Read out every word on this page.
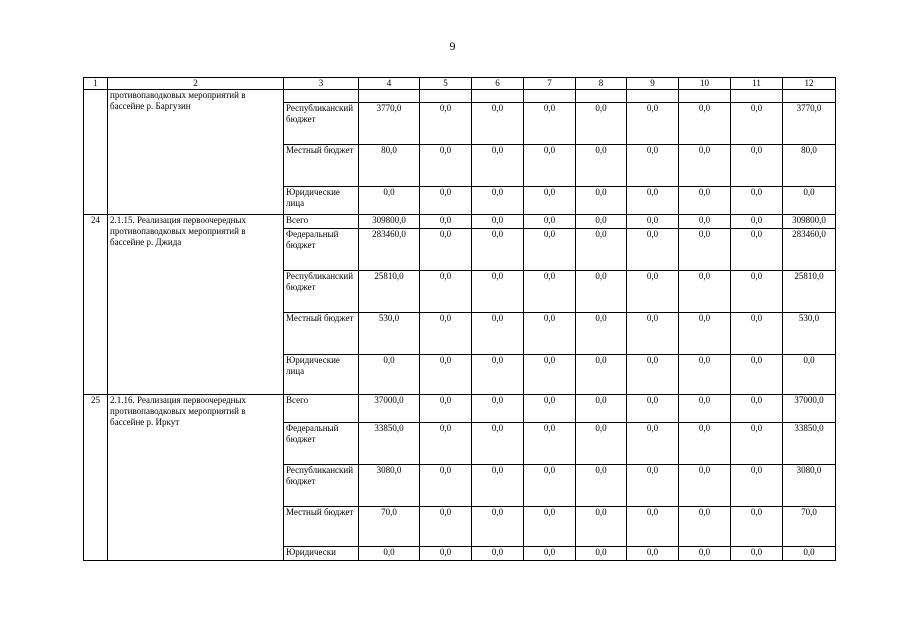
9
1	2	3	4	5	6	7	8	9	10	11	12
	противопаводковых мероприятий в бассейне р. Баргузин										
		Республиканский бюджет	3770,0	0,0	0,0	0,0	0,0	0,0	0,0	0,0	3770,0
		Местный бюджет	80,0	0,0	0,0	0,0	0,0	0,0	0,0	0,0	80,0
		Юридические лица	0,0	0,0	0,0	0,0	0,0	0,0	0,0	0,0	0,0
24	2.1.15. Реализация первоочередных противопаводковых мероприятий в бассейне р. Джида	Всего	309800,0	0,0	0,0	0,0	0,0	0,0	0,0	0,0	309800,0
		Федеральный бюджет	283460,0	0,0	0,0	0,0	0,0	0,0	0,0	0,0	283460,0
		Республиканский бюджет	25810,0	0,0	0,0	0,0	0,0	0,0	0,0	0,0	25810,0
		Местный бюджет	530,0	0,0	0,0	0,0	0,0	0,0	0,0	0,0	530,0
		Юридические лица	0,0	0,0	0,0	0,0	0,0	0,0	0,0	0,0	0,0
25	2.1.16. Реализация первоочередных противопаводковых мероприятий в бассейне р. Иркут	Всего	37000,0	0,0	0,0	0,0	0,0	0,0	0,0	0,0	37000,0
		Федеральный бюджет	33850,0	0,0	0,0	0,0	0,0	0,0	0,0	0,0	33850,0
		Республиканский бюджет	3080,0	0,0	0,0	0,0	0,0	0,0	0,0	0,0	3080,0
		Местный бюджет	70,0	0,0	0,0	0,0	0,0	0,0	0,0	0,0	70,0
		Юридически	0,0	0,0	0,0	0,0	0,0	0,0	0,0	0,0	0,0
